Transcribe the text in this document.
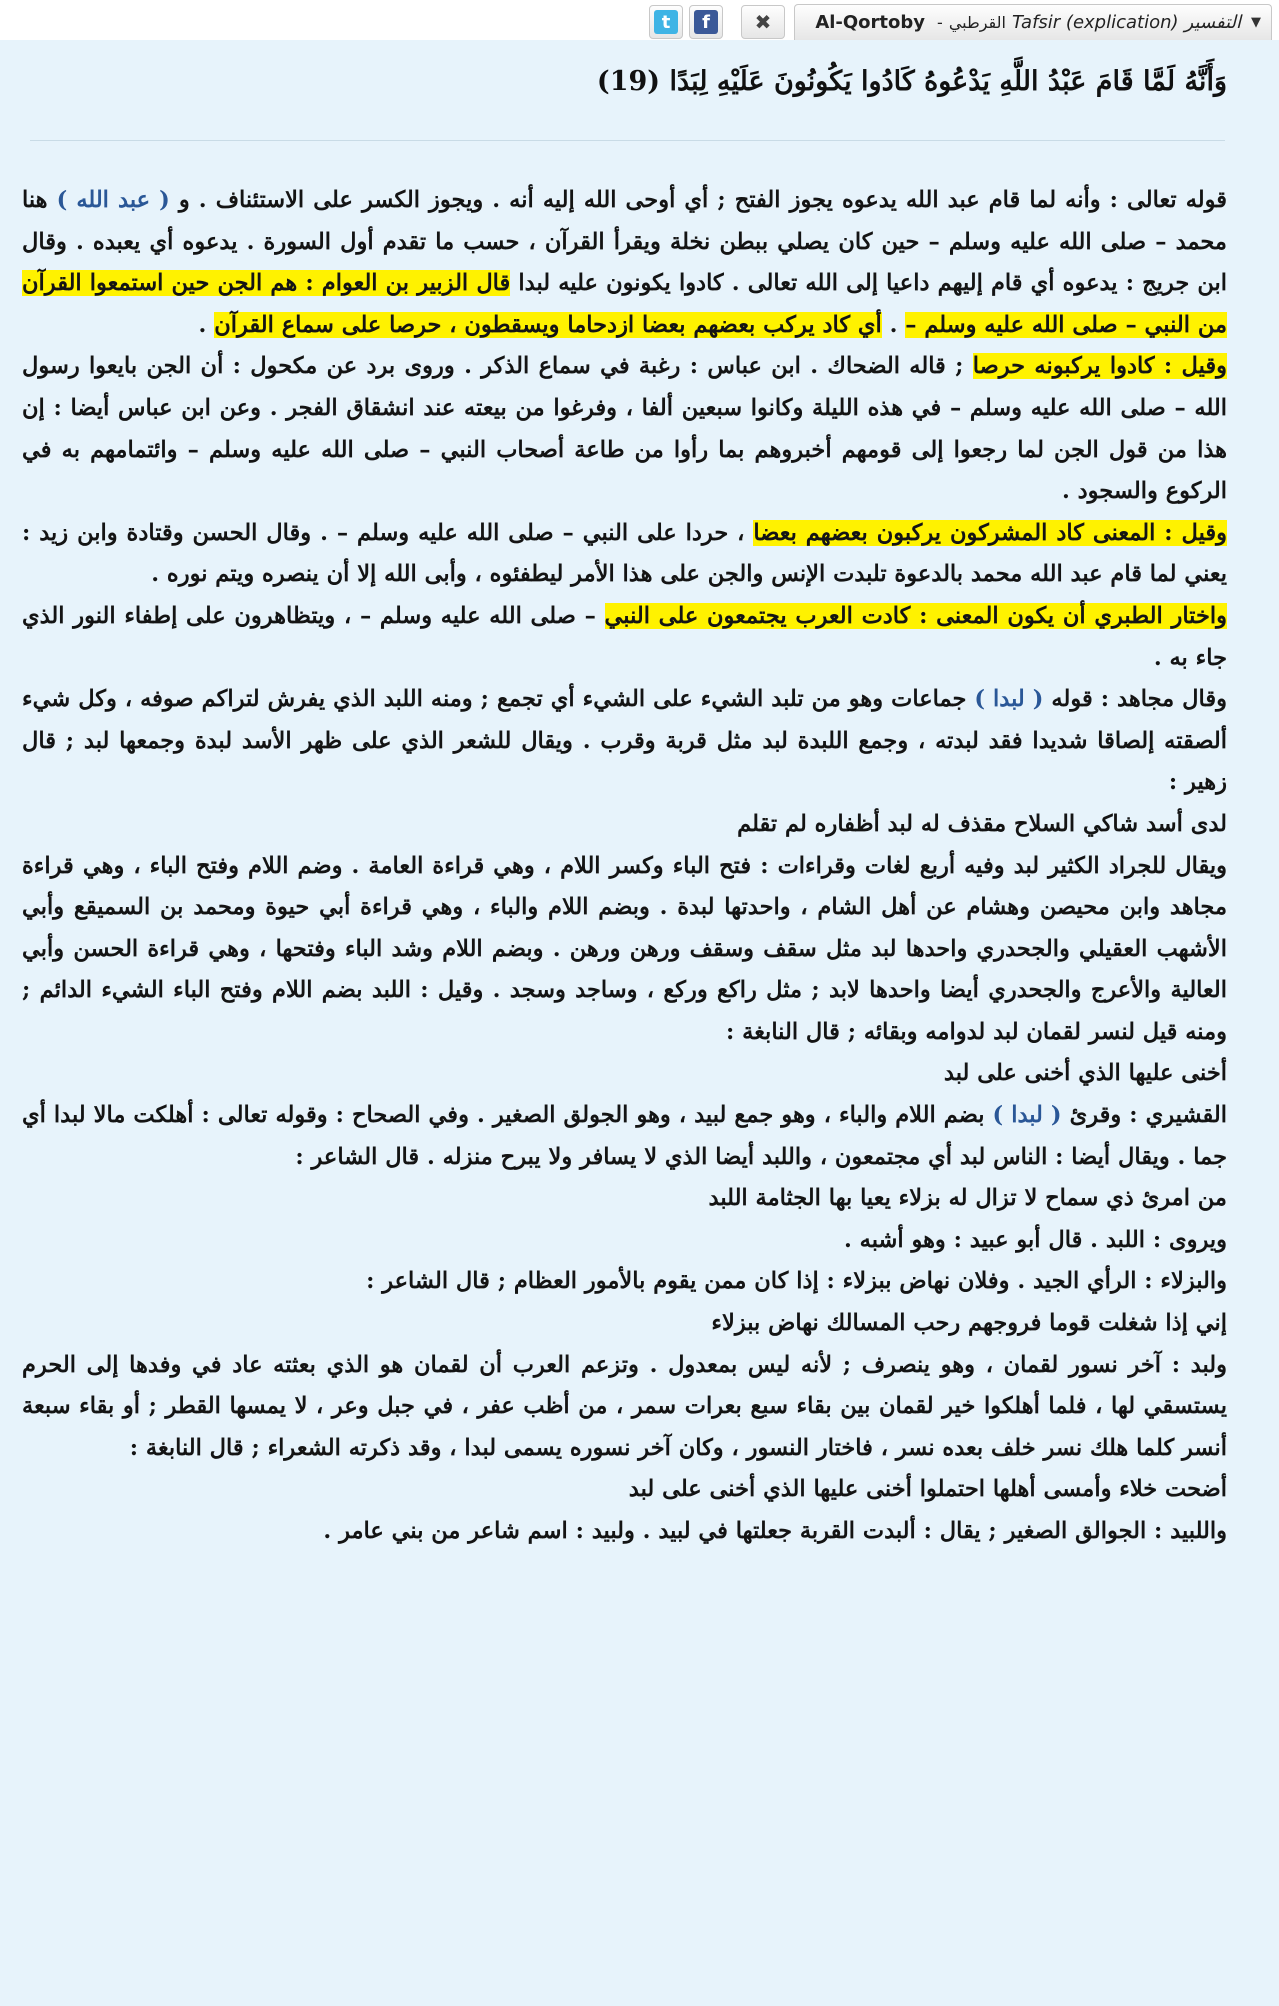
▼
التفسير
Tafsir (explication)
القرطبي
-
Al-Qortoby
✖
f
t
وَأَنَّهُ لَمَّا قَامَ عَبْدُ اللَّهِ يَدْعُوهُ كَادُوا يَكُونُونَ عَلَيْهِ لِبَدًا (19)

قوله تعالى : وأنه لما قام عبد الله يدعوه يجوز الفتح ; أي أوحى الله إليه أنه . ويجوز الكسر على الاستئناف . و ( عبد الله ) هنا محمد – صلى الله عليه وسلم – حين كان يصلي ببطن نخلة ويقرأ القرآن ، حسب ما تقدم أول السورة . يدعوه أي يعبده . وقال ابن جريج : يدعوه أي قام إليهم داعيا إلى الله تعالى . كادوا يكونون عليه لبدا قال الزبير بن العوام : هم الجن حين استمعوا القرآن من النبي – صلى الله عليه وسلم – . أي كاد يركب بعضهم بعضا ازدحاما ويسقطون ، حرصا على سماع القرآن .

وقيل : كادوا يركبونه حرصا ; قاله الضحاك . ابن عباس : رغبة في سماع الذكر . وروى برد عن مكحول : أن الجن بايعوا رسول الله – صلى الله عليه وسلم – في هذه الليلة وكانوا سبعين ألفا ، وفرغوا من بيعته عند انشقاق الفجر . وعن ابن عباس أيضا : إن هذا من قول الجن لما رجعوا إلى قومهم أخبروهم بما رأوا من طاعة أصحاب النبي – صلى الله عليه وسلم – وائتمامهم به في الركوع والسجود .

وقيل : المعنى كاد المشركون يركبون بعضهم بعضا ، حردا على النبي – صلى الله عليه وسلم – . وقال الحسن وقتادة وابن زيد : يعني لما قام عبد الله محمد بالدعوة تلبدت الإنس والجن على هذا الأمر ليطفئوه ، وأبى الله إلا أن ينصره ويتم نوره .

واختار الطبري أن يكون المعنى : كادت العرب يجتمعون على النبي – صلى الله عليه وسلم – ، ويتظاهرون على إطفاء النور الذي جاء به .

وقال مجاهد : قوله ( لبدا ) جماعات وهو من تلبد الشيء على الشيء أي تجمع ; ومنه اللبد الذي يفرش لتراكم صوفه ، وكل شيء ألصقته إلصاقا شديدا فقد لبدته ، وجمع اللبدة لبد مثل قربة وقرب . ويقال للشعر الذي على ظهر الأسد لبدة وجمعها لبد ; قال زهير :

لدى أسد شاكي السلاح مقذف له لبد أظفاره لم تقلم

ويقال للجراد الكثير لبد وفيه أربع لغات وقراءات : فتح الباء وكسر اللام ، وهي قراءة العامة . وضم اللام وفتح الباء ، وهي قراءة مجاهد وابن محيصن وهشام عن أهل الشام ، واحدتها لبدة . وبضم اللام والباء ، وهي قراءة أبي حيوة ومحمد بن السميقع وأبي الأشهب العقيلي والجحدري واحدها لبد مثل سقف وسقف ورهن ورهن . وبضم اللام وشد الباء وفتحها ، وهي قراءة الحسن وأبي العالية والأعرج والجحدري أيضا واحدها لابد ; مثل راكع وركع ، وساجد وسجد . وقيل : اللبد بضم اللام وفتح الباء الشيء الدائم ; ومنه قيل لنسر لقمان لبد لدوامه وبقائه ; قال النابغة :

أخنى عليها الذي أخنى على لبد

القشيري : وقرئ ( لبدا ) بضم اللام والباء ، وهو جمع لبيد ، وهو الجولق الصغير . وفي الصحاح : وقوله تعالى : أهلكت مالا لبدا أي جما . ويقال أيضا : الناس لبد أي مجتمعون ، واللبد أيضا الذي لا يسافر ولا يبرح منزله . قال الشاعر :

من امرئ ذي سماح لا تزال له بزلاء يعيا بها الجثامة اللبد

ويروى : اللبد . قال أبو عبيد : وهو أشبه .

والبزلاء : الرأي الجيد . وفلان نهاض ببزلاء : إذا كان ممن يقوم بالأمور العظام ; قال الشاعر :

إني إذا شغلت قوما فروجهم رحب المسالك نهاض ببزلاء

ولبد : آخر نسور لقمان ، وهو ينصرف ; لأنه ليس بمعدول . وتزعم العرب أن لقمان هو الذي بعثته عاد في وفدها إلى الحرم يستسقي لها ، فلما أهلكوا خير لقمان بين بقاء سبع بعرات سمر ، من أظب عفر ، في جبل وعر ، لا يمسها القطر ; أو بقاء سبعة أنسر كلما هلك نسر خلف بعده نسر ، فاختار النسور ، وكان آخر نسوره يسمى لبدا ، وقد ذكرته الشعراء ; قال النابغة :

أضحت خلاء وأمسى أهلها احتملوا أخنى عليها الذي أخنى على لبد

واللبيد : الجوالق الصغير ; يقال : ألبدت القربة جعلتها في لبيد . ولبيد : اسم شاعر من بني عامر .
